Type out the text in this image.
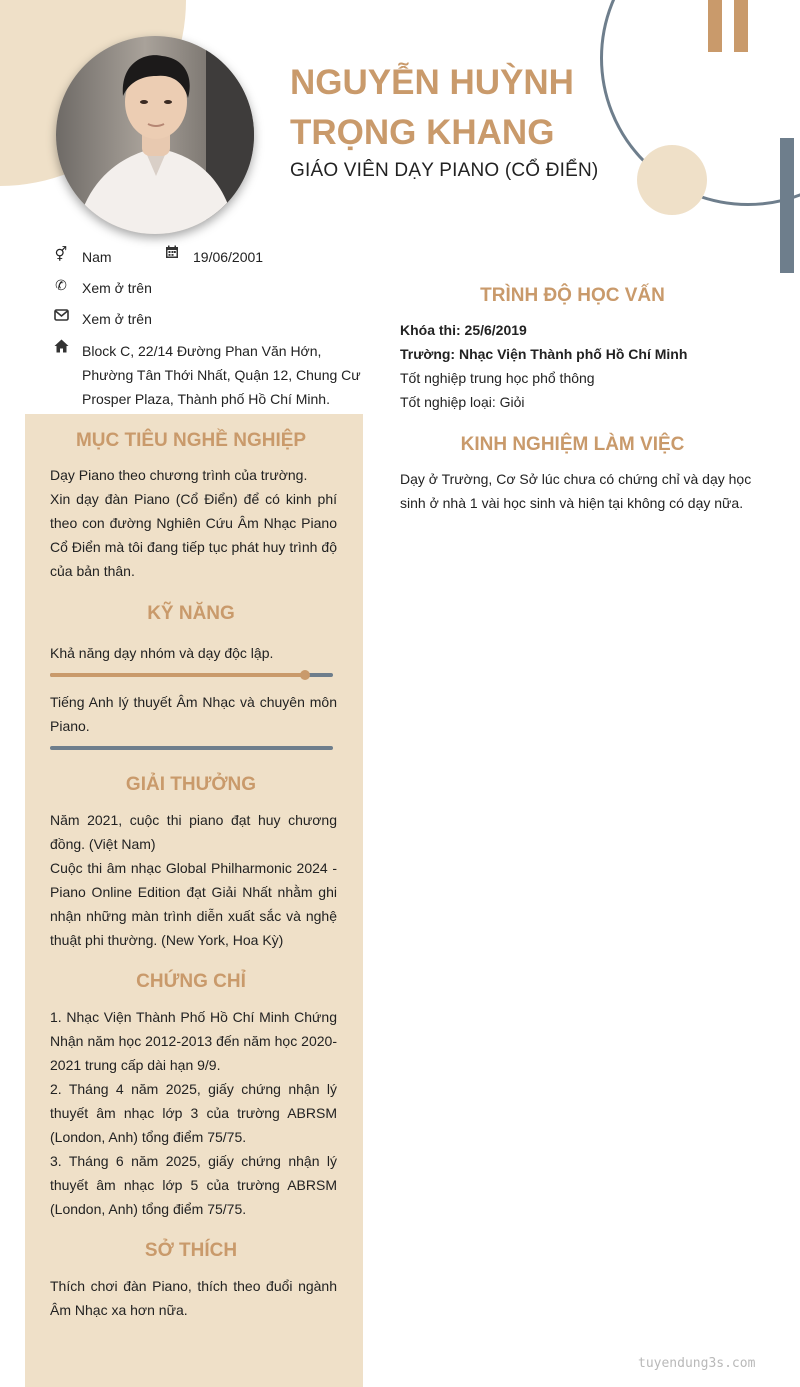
NGUYỄN HUỲNH
TRỌNG KHANG
GIÁO VIÊN DẠY PIANO (CỔ ĐIỂN)
⚥ Nam	19/06/2001
✆ Xem ở trên
Xem ở trên
Block C, 22/14 Đường Phan Văn Hớn, Phường Tân Thới Nhất, Quận 12, Chung Cư Prosper Plaza, Thành phố Hồ Chí Minh.
MỤC TIÊU NGHỀ NGHIỆP

Dạy Piano theo chương trình của trường.

Xin dạy đàn Piano (Cổ Điển) để có kinh phí theo con đường Nghiên Cứu Âm Nhạc Piano Cổ Điển mà tôi đang tiếp tục phát huy trình độ của bản thân.

KỸ NĂNG
Khả năng dạy nhóm và dạy độc lập.
Tiếng Anh lý thuyết Âm Nhạc và chuyên môn Piano.
GIẢI THƯỞNG

Năm 2021, cuộc thi piano đạt huy chương đồng. (Việt Nam)

Cuộc thi âm nhạc Global Philharmonic 2024 - Piano Online Edition đạt Giải Nhất nhằm ghi nhận những màn trình diễn xuất sắc và nghệ thuật phi thường. (New York, Hoa Kỳ)

CHỨNG CHỈ

1. Nhạc Viện Thành Phố Hồ Chí Minh Chứng Nhận năm học 2012-2013 đến năm học 2020-2021 trung cấp dài hạn 9/9.

2. Tháng 4 năm 2025, giấy chứng nhận lý thuyết âm nhạc lớp 3 của trường ABRSM (London, Anh) tổng điểm 75/75.

3. Tháng 6 năm 2025, giấy chứng nhận lý thuyết âm nhạc lớp 5 của trường ABRSM (London, Anh) tổng điểm 75/75.

SỞ THÍCH
Thích chơi đàn Piano, thích theo đuổi ngành Âm Nhạc xa hơn nữa.
TRÌNH ĐỘ HỌC VẤN

Khóa thi: 25/6/2019

Trường: Nhạc Viện Thành phố Hồ Chí Minh

Tốt nghiệp trung học phổ thông

Tốt nghiệp loại: Giỏi

KINH NGHIỆM LÀM VIỆC
Dạy ở Trường, Cơ Sở lúc chưa có chứng chỉ và dạy học sinh ở nhà 1 vài học sinh và hiện tại không có dạy nữa.
tuyendung3s.com
